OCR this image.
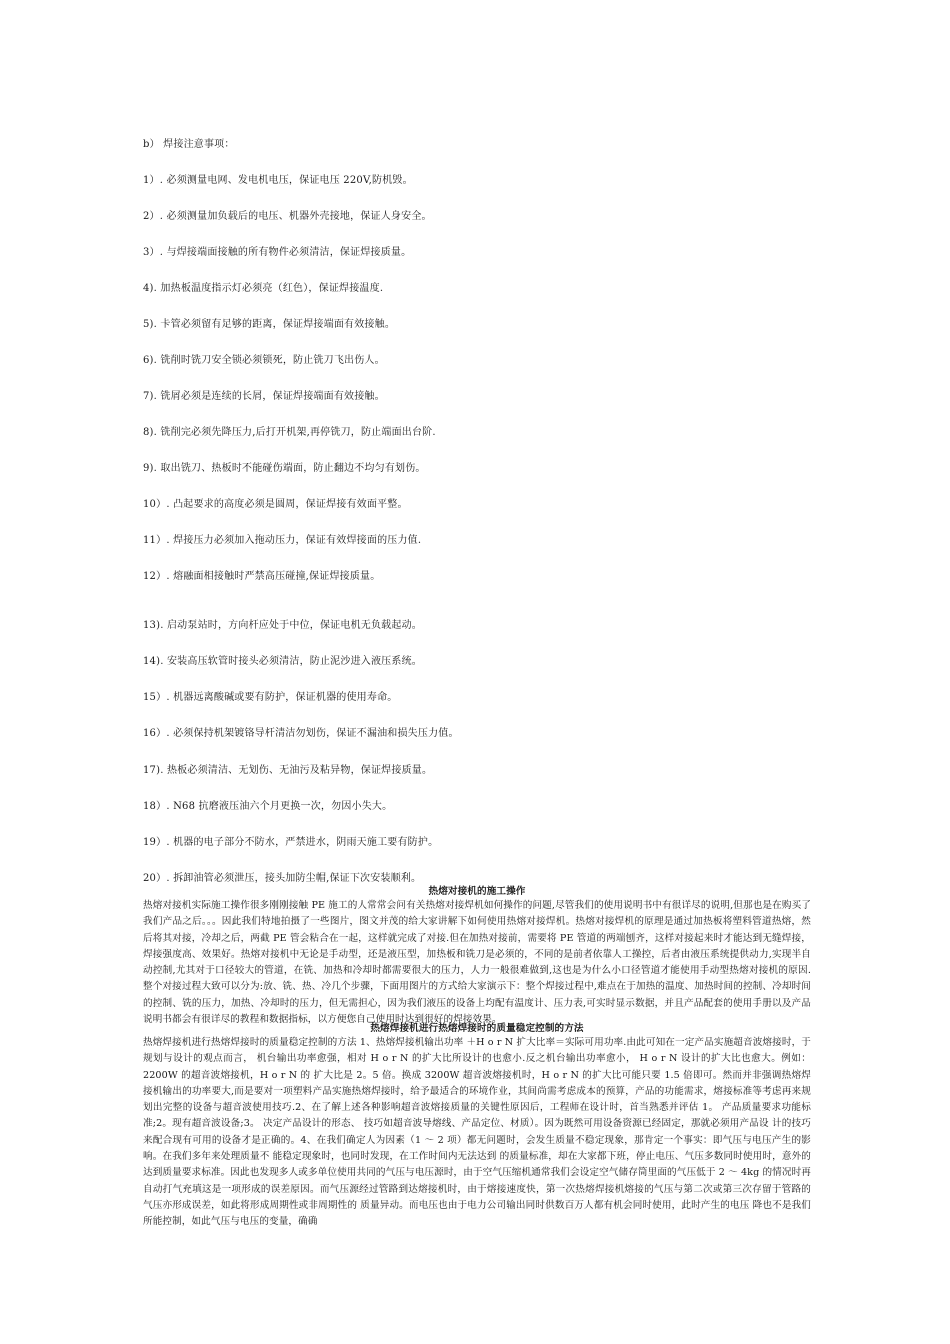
b） 焊接注意事项：
1）. 必须测量电网、发电机电压，保证电压 220V,防机毁。
2）. 必须测量加负载后的电压、机器外壳接地，保证人身安全。
3）. 与焊接端面接触的所有物件必须清洁，保证焊接质量。
4). 加热板温度指示灯必须亮（红色），保证焊接温度.
5). 卡管必须留有足够的距离，保证焊接端面有效接触。
6). 铣削时铣刀安全锁必须锁死，防止铣刀飞出伤人。
7). 铣屑必须是连续的长屑，保证焊接端面有效接触。
8). 铣削完必须先降压力,后打开机架,再停铣刀，防止端面出台阶.
9). 取出铣刀、热板时不能碰伤端面，防止翻边不均匀有划伤。
10）. 凸起要求的高度必须是圆周，保证焊接有效面平整。
11）. 焊接压力必须加入拖动压力，保证有效焊接面的压力值.
12）. 熔融面相接触时严禁高压碰撞,保证焊接质量。
13). 启动泵站时，方向杆应处于中位，保证电机无负载起动。
14). 安装高压软管时接头必须清洁，防止泥沙进入液压系统。
15）. 机器远离酸碱或要有防护，保证机器的使用寿命。
16）. 必须保持机架镀铬导杆清洁勿划伤，保证不漏油和损失压力值。
17). 热板必须清洁、无划伤、无油污及粘异物，保证焊接质量。
18）. N68 抗磨液压油六个月更换一次，勿因小失大。
19）. 机器的电子部分不防水，严禁进水，阴雨天施工要有防护。
20）. 拆卸油管必须泄压，接头加防尘帽,保证下次安装顺利。
热熔对接机的施工操作
热熔对接机实际施工操作很多刚刚接触 PE 施工的人常常会问有关热熔对接焊机如何操作的问题,尽管我们的使用说明书中有很详尽的说明,但那也是在购买了我们产品之后。。。因此我们特地拍摄了一些图片，图文并茂的给大家讲解下如何使用热熔对接焊机。热熔对接焊机的原理是通过加热板将塑料管道热熔，然后将其对接，冷却之后，两截 PE 管会粘合在一起，这样就完成了对接.但在加热对接前，需要将 PE 管道的两端刨齐，这样对接起来时才能达到无缝焊接，焊接强度高、效果好。热熔对接机中无论是手动型，还是液压型，加热板和铣刀是必须的，不同的是前者依靠人工操控，后者由液压系统提供动力,实现半自动控制,尤其对于口径较大的管道，在铣、加热和冷却时都需要很大的压力，人力一般很难做到,这也是为什么小口径管道才能使用手动型热熔对接机的原因.整个对接过程大致可以分为:放、铣、热、冷几个步骤，下面用图片的方式给大家演示下：整个焊接过程中,难点在于加热的温度、加热时间的控制、冷却时间的控制、铣的压力，加热、冷却时的压力，但无需担心，因为我们液压的设备上均配有温度计、压力表,可实时显示数据，并且产品配套的使用手册以及产品说明书都会有很详尽的教程和数据指标，以方便您自己使用时达到很好的焊接效果。
热熔焊接机进行热熔焊接时的质量稳定控制的方法
热熔焊接机进行热熔焊接时的质量稳定控制的方法 1、热熔焊接机输出功率 ＋H o r N 扩大比率＝实际可用功率.由此可知在一定产品实施超音波熔接时，于规划与设计的观点而言， 机台输出功率愈强，相对 H o r N 的扩大比所设计的也愈小.反之机台输出功率愈小， H o r N 设计的扩大比也愈大。例如： 2200W 的超音波熔接机，H o r N 的 扩大比是 2。5 倍。换成 3200W 超音波熔接机时，H o r N 的扩大比可能只要 1.5 倍即可。然而并非强调热熔焊接机输出的功率要大,而是要对一项塑料产品实施热熔焊接时，给予最适合的环境作业，其间尚需考虑成本的预算，产品的功能需求，熔接标准等考虑再来规划出完整的设备与超音波使用技巧.2、在了解上述各种影响超音波熔接质量的关键性原因后，工程师在设计时，首当熟悉并评估 1。 产品质量要求功能标准;2。现有超音波设备;3。 决定产品设计的形态、 技巧如超音波导熔线、产品定位、材质）。因为既然可用设备资源已经固定，那就必须用产品设 计的技巧来配合现有可用的设备才是正确的。4、在我们确定人为因素（1 ～ 2 项）都无问题时，会发生质量不稳定现象，那肯定一个事实：即气压与电压产生的影响。在我们多年来处理质量不 能稳定现象时，也同时发现，在工作时间内无法达到 的质量标准，却在大家都下班，停止电压、气压多数同时使用时，意外的达到质量要求标准。因此也发现多人或多单位使用共同的气压与电压源时，由于空气压缩机通常我们会设定空气储存筒里面的气压低于 2 ～ 4kg 的情况时再自动打气充填这是一项形成的误差原因。而气压源经过管路到达熔接机时，由于熔接速度快，第一次热熔焊接机熔接的气压与第二次或第三次存留于管路的气压亦形成误差，如此将形成周期性或非周期性的 质量异动。而电压也由于电力公司输出同时供数百万人都有机会同时使用，此时产生的电压 降也不是我们所能控制，如此气压与电压的变量，确确
